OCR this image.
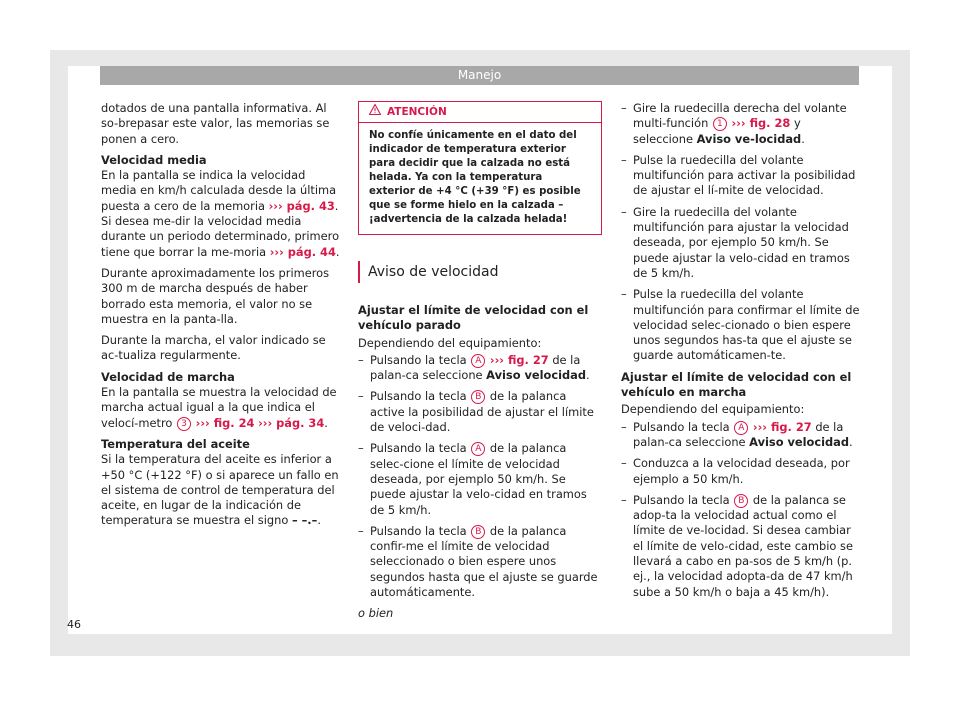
Manejo

dotados de una pantalla informativa. Al so-brepasar este valor, las memorias se ponen a cero.

Velocidad media
En la pantalla se indica la velocidad media en km/h calculada desde la última puesta a cero de la memoria ››› pág. 43. Si desea me-dir la velocidad media durante un periodo determinado, primero tiene que borrar la me-moria ››› pág. 44.

Durante aproximadamente los primeros 300 m de marcha después de haber borrado esta memoria, el valor no se muestra en la panta-lla.

Durante la marcha, el valor indicado se ac-tualiza regularmente.

Velocidad de marcha
En la pantalla se muestra la velocidad de marcha actual igual a la que indica el velocí-metro 3 ››› fig. 24 ››› pág. 34.

Temperatura del aceite
Si la temperatura del aceite es inferior a +50 °C (+122 °F) o si aparece un fallo en el sistema de control de temperatura del aceite, en lugar de la indicación de temperatura se muestra el signo – –.–.

ATENCIÓN
No confíe únicamente en el dato del indicador de temperatura exterior para decidir que la calzada no está helada. Ya con la temperatura exterior de +4 °C (+39 °F) es posible que se forme hielo en la calzada – ¡advertencia de la calzada helada!

Aviso de velocidad

Ajustar el límite de velocidad con el vehículo parado

Dependiendo del equipamiento:

– Pulsando la tecla A ››› fig. 27 de la palan-ca seleccione Aviso velocidad.
– Pulsando la tecla B de la palanca active la posibilidad de ajustar el límite de veloci-dad.
– Pulsando la tecla A de la palanca selec-cione el límite de velocidad deseada, por ejemplo 50 km/h. Se puede ajustar la velo-cidad en tramos de 5 km/h.
– Pulsando la tecla B de la palanca confir-me el límite de velocidad seleccionado o bien espere unos segundos hasta que el ajuste se guarde automáticamente.

o bien

– Gire la ruedecilla derecha del volante multi-función 1 ››› fig. 28 y seleccione Aviso ve-locidad.
– Pulse la ruedecilla del volante multifunción para activar la posibilidad de ajustar el lí-mite de velocidad.
– Gire la ruedecilla del volante multifunción para ajustar la velocidad deseada, por ejemplo 50 km/h. Se puede ajustar la velo-cidad en tramos de 5 km/h.
– Pulse la ruedecilla del volante multifunción para confirmar el límite de velocidad selec-cionado o bien espere unos segundos has-ta que el ajuste se guarde automáticamen-te.

Ajustar el límite de velocidad con el vehículo en marcha

Dependiendo del equipamiento:

– Pulsando la tecla A ››› fig. 27 de la palan-ca seleccione Aviso velocidad.
– Conduzca a la velocidad deseada, por ejemplo a 50 km/h.
– Pulsando la tecla B de la palanca se adop-ta la velocidad actual como el límite de ve-locidad. Si desea cambiar el límite de velo-cidad, este cambio se llevará a cabo en pa-sos de 5 km/h (p. ej., la velocidad adopta-da de 47 km/h sube a 50 km/h o baja a 45 km/h).
46
